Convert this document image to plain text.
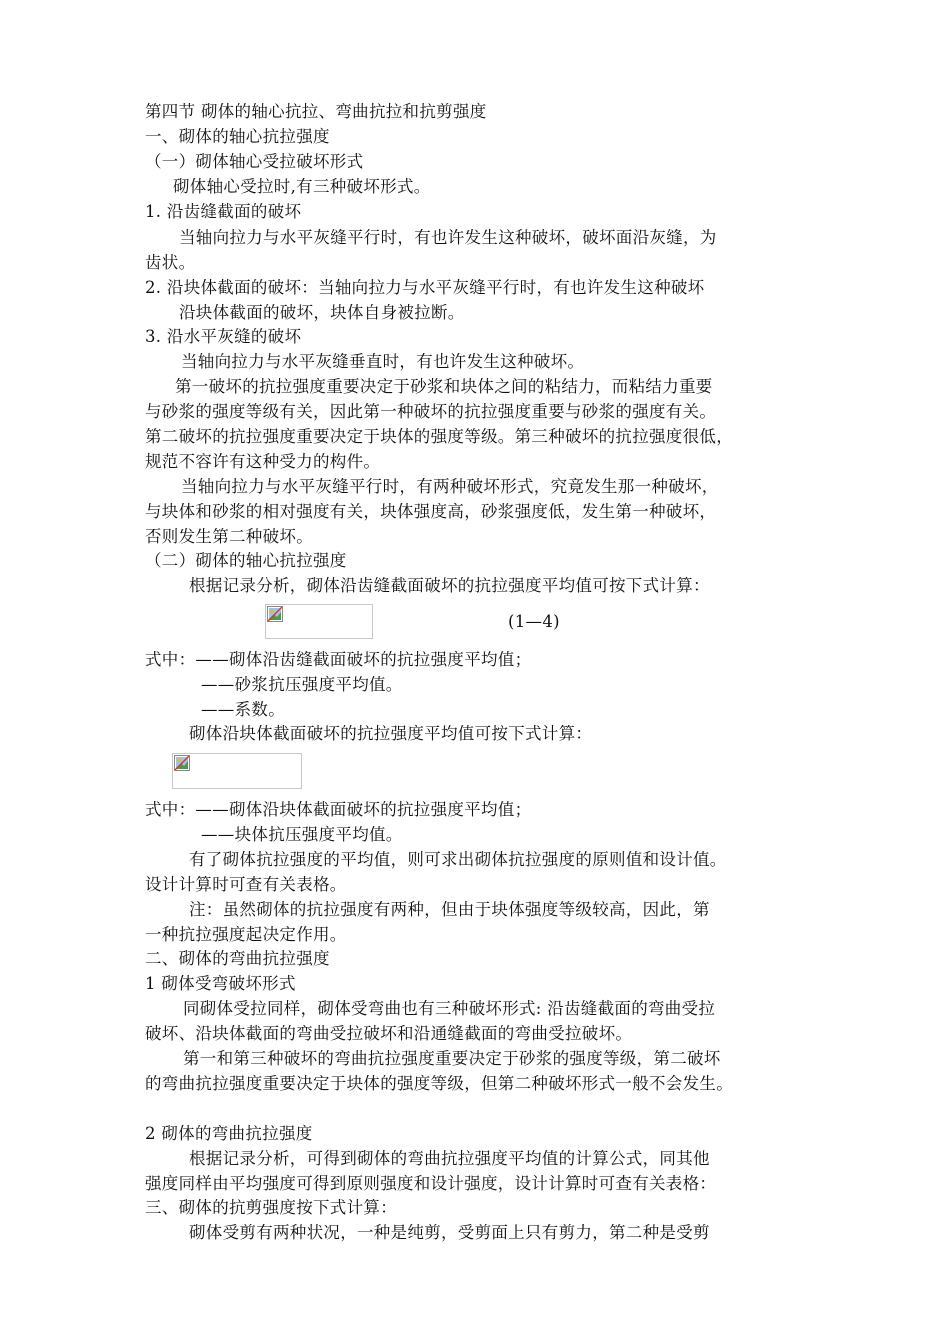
第四节 砌体的轴心抗拉、弯曲抗拉和抗剪强度
一、砌体的轴心抗拉强度
（一）砌体轴心受拉破坏形式
砌体轴心受拉时,有三种破坏形式。
1. 沿齿缝截面的破坏
当轴向拉力与水平灰缝平行时，有也许发生这种破坏，破坏面沿灰缝，为
齿状。
2. 沿块体截面的破坏：当轴向拉力与水平灰缝平行时，有也许发生这种破坏
沿块体截面的破坏，块体自身被拉断。
3. 沿水平灰缝的破坏
当轴向拉力与水平灰缝垂直时，有也许发生这种破坏。
第一破坏的抗拉强度重要决定于砂浆和块体之间的粘结力，而粘结力重要
与砂浆的强度等级有关，因此第一种破坏的抗拉强度重要与砂浆的强度有关。
第二破坏的抗拉强度重要决定于块体的强度等级。第三种破坏的抗拉强度很低，
规范不容许有这种受力的构件。
当轴向拉力与水平灰缝平行时，有两种破坏形式，究竟发生那一种破坏，
与块体和砂浆的相对强度有关，块体强度高，砂浆强度低，发生第一种破坏，
否则发生第二种破坏。
（二）砌体的轴心抗拉强度
根据记录分析，砌体沿齿缝截面破坏的抗拉强度平均值可按下式计算：
(1—4)
式中：——砌体沿齿缝截面破坏的抗拉强度平均值；
——砂浆抗压强度平均值。
——系数。
砌体沿块体截面破坏的抗拉强度平均值可按下式计算：
式中：——砌体沿块体截面破坏的抗拉强度平均值；
——块体抗压强度平均值。
有了砌体抗拉强度的平均值，则可求出砌体抗拉强度的原则值和设计值。
设计计算时可查有关表格。
注：虽然砌体的抗拉强度有两种，但由于块体强度等级较高，因此，第
一种抗拉强度起决定作用。
二、砌体的弯曲抗拉强度
1 砌体受弯破坏形式
同砌体受拉同样，砌体受弯曲也有三种破坏形式: 沿齿缝截面的弯曲受拉
破坏、沿块体截面的弯曲受拉破坏和沿通缝截面的弯曲受拉破坏。
第一和第三种破坏的弯曲抗拉强度重要决定于砂浆的强度等级，第二破坏
的弯曲抗拉强度重要决定于块体的强度等级，但第二种破坏形式一般不会发生。
2 砌体的弯曲抗拉强度
根据记录分析，可得到砌体的弯曲抗拉强度平均值的计算公式，同其他
强度同样由平均强度可得到原则强度和设计强度，设计计算时可查有关表格：
三、砌体的抗剪强度按下式计算：
砌体受剪有两种状况，一种是纯剪，受剪面上只有剪力，第二种是受剪
